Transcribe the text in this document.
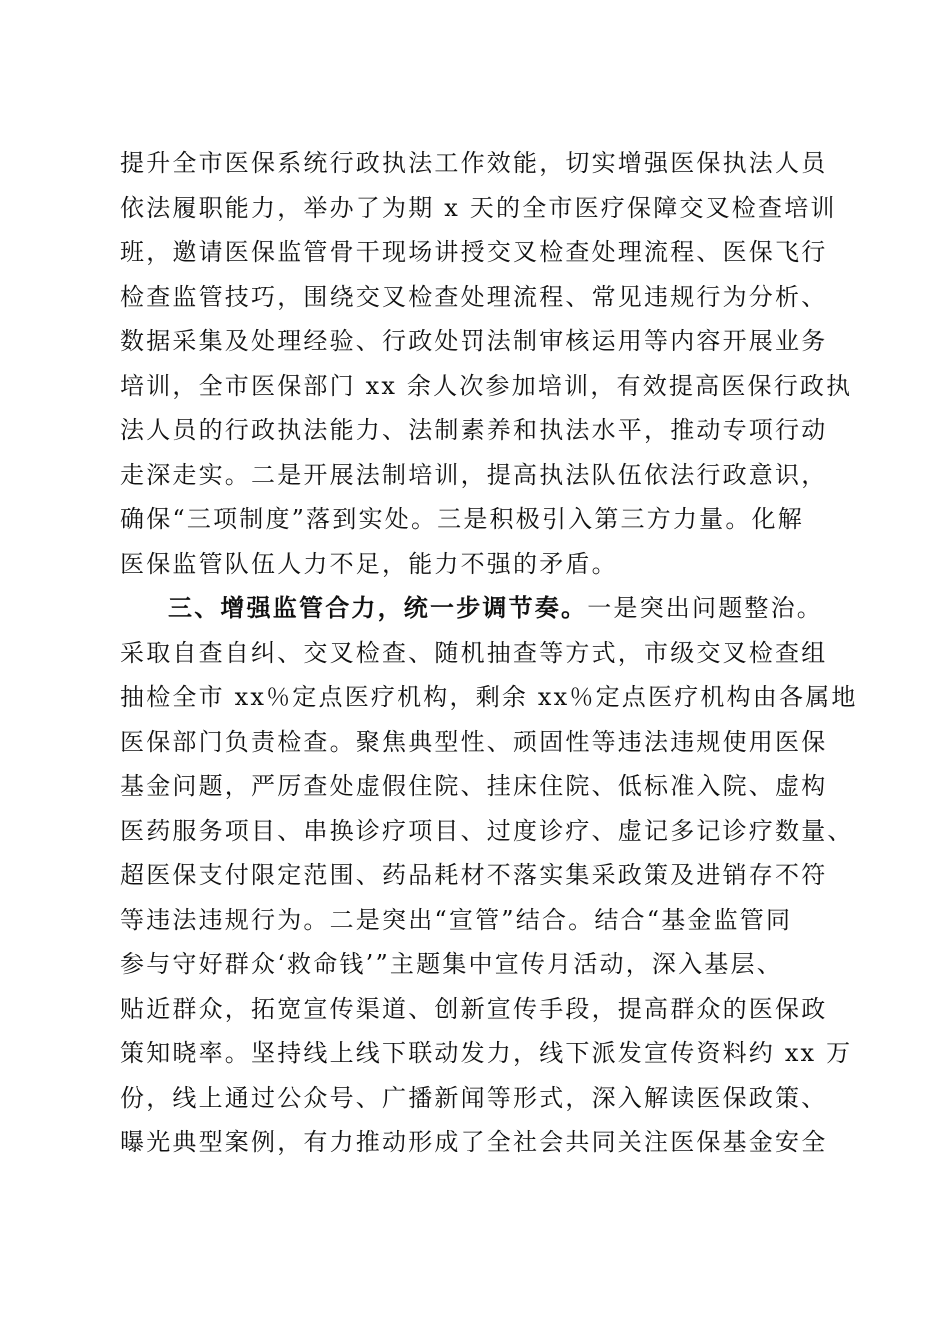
提升全市医保系统行政执法工作效能，切实增强医保执法人员
依法履职能力，举办了为期 x 天的全市医疗保障交叉检查培训
班，邀请医保监管骨干现场讲授交叉检查处理流程、医保飞行
检查监管技巧，围绕交叉检查处理流程、常见违规行为分析、
数据采集及处理经验、行政处罚法制审核运用等内容开展业务
培训，全市医保部门 xx 余人次参加培训，有效提高医保行政执
法人员的行政执法能力、法制素养和执法水平，推动专项行动
走深走实。二是开展法制培训，提高执法队伍依法行政意识，
确保“三项制度”落到实处。三是积极引入第三方力量。化解
医保监管队伍人力不足，能力不强的矛盾。
三、增强监管合力，统一步调节奏。一是突出问题整治。
采取自查自纠、交叉检查、随机抽查等方式，市级交叉检查组
抽检全市 xx％定点医疗机构，剩余 xx％定点医疗机构由各属地
医保部门负责检查。聚焦典型性、顽固性等违法违规使用医保
基金问题，严厉查处虚假住院、挂床住院、低标准入院、虚构
医药服务项目、串换诊疗项目、过度诊疗、虚记多记诊疗数量、
超医保支付限定范围、药品耗材不落实集采政策及进销存不符
等违法违规行为。二是突出“宣管”结合。结合“基金监管同
参与守好群众‘救命钱’”主题集中宣传月活动，深入基层、
贴近群众，拓宽宣传渠道、创新宣传手段，提高群众的医保政
策知晓率。坚持线上线下联动发力，线下派发宣传资料约 xx 万
份，线上通过公众号、广播新闻等形式，深入解读医保政策、
曝光典型案例，有力推动形成了全社会共同关注医保基金安全
